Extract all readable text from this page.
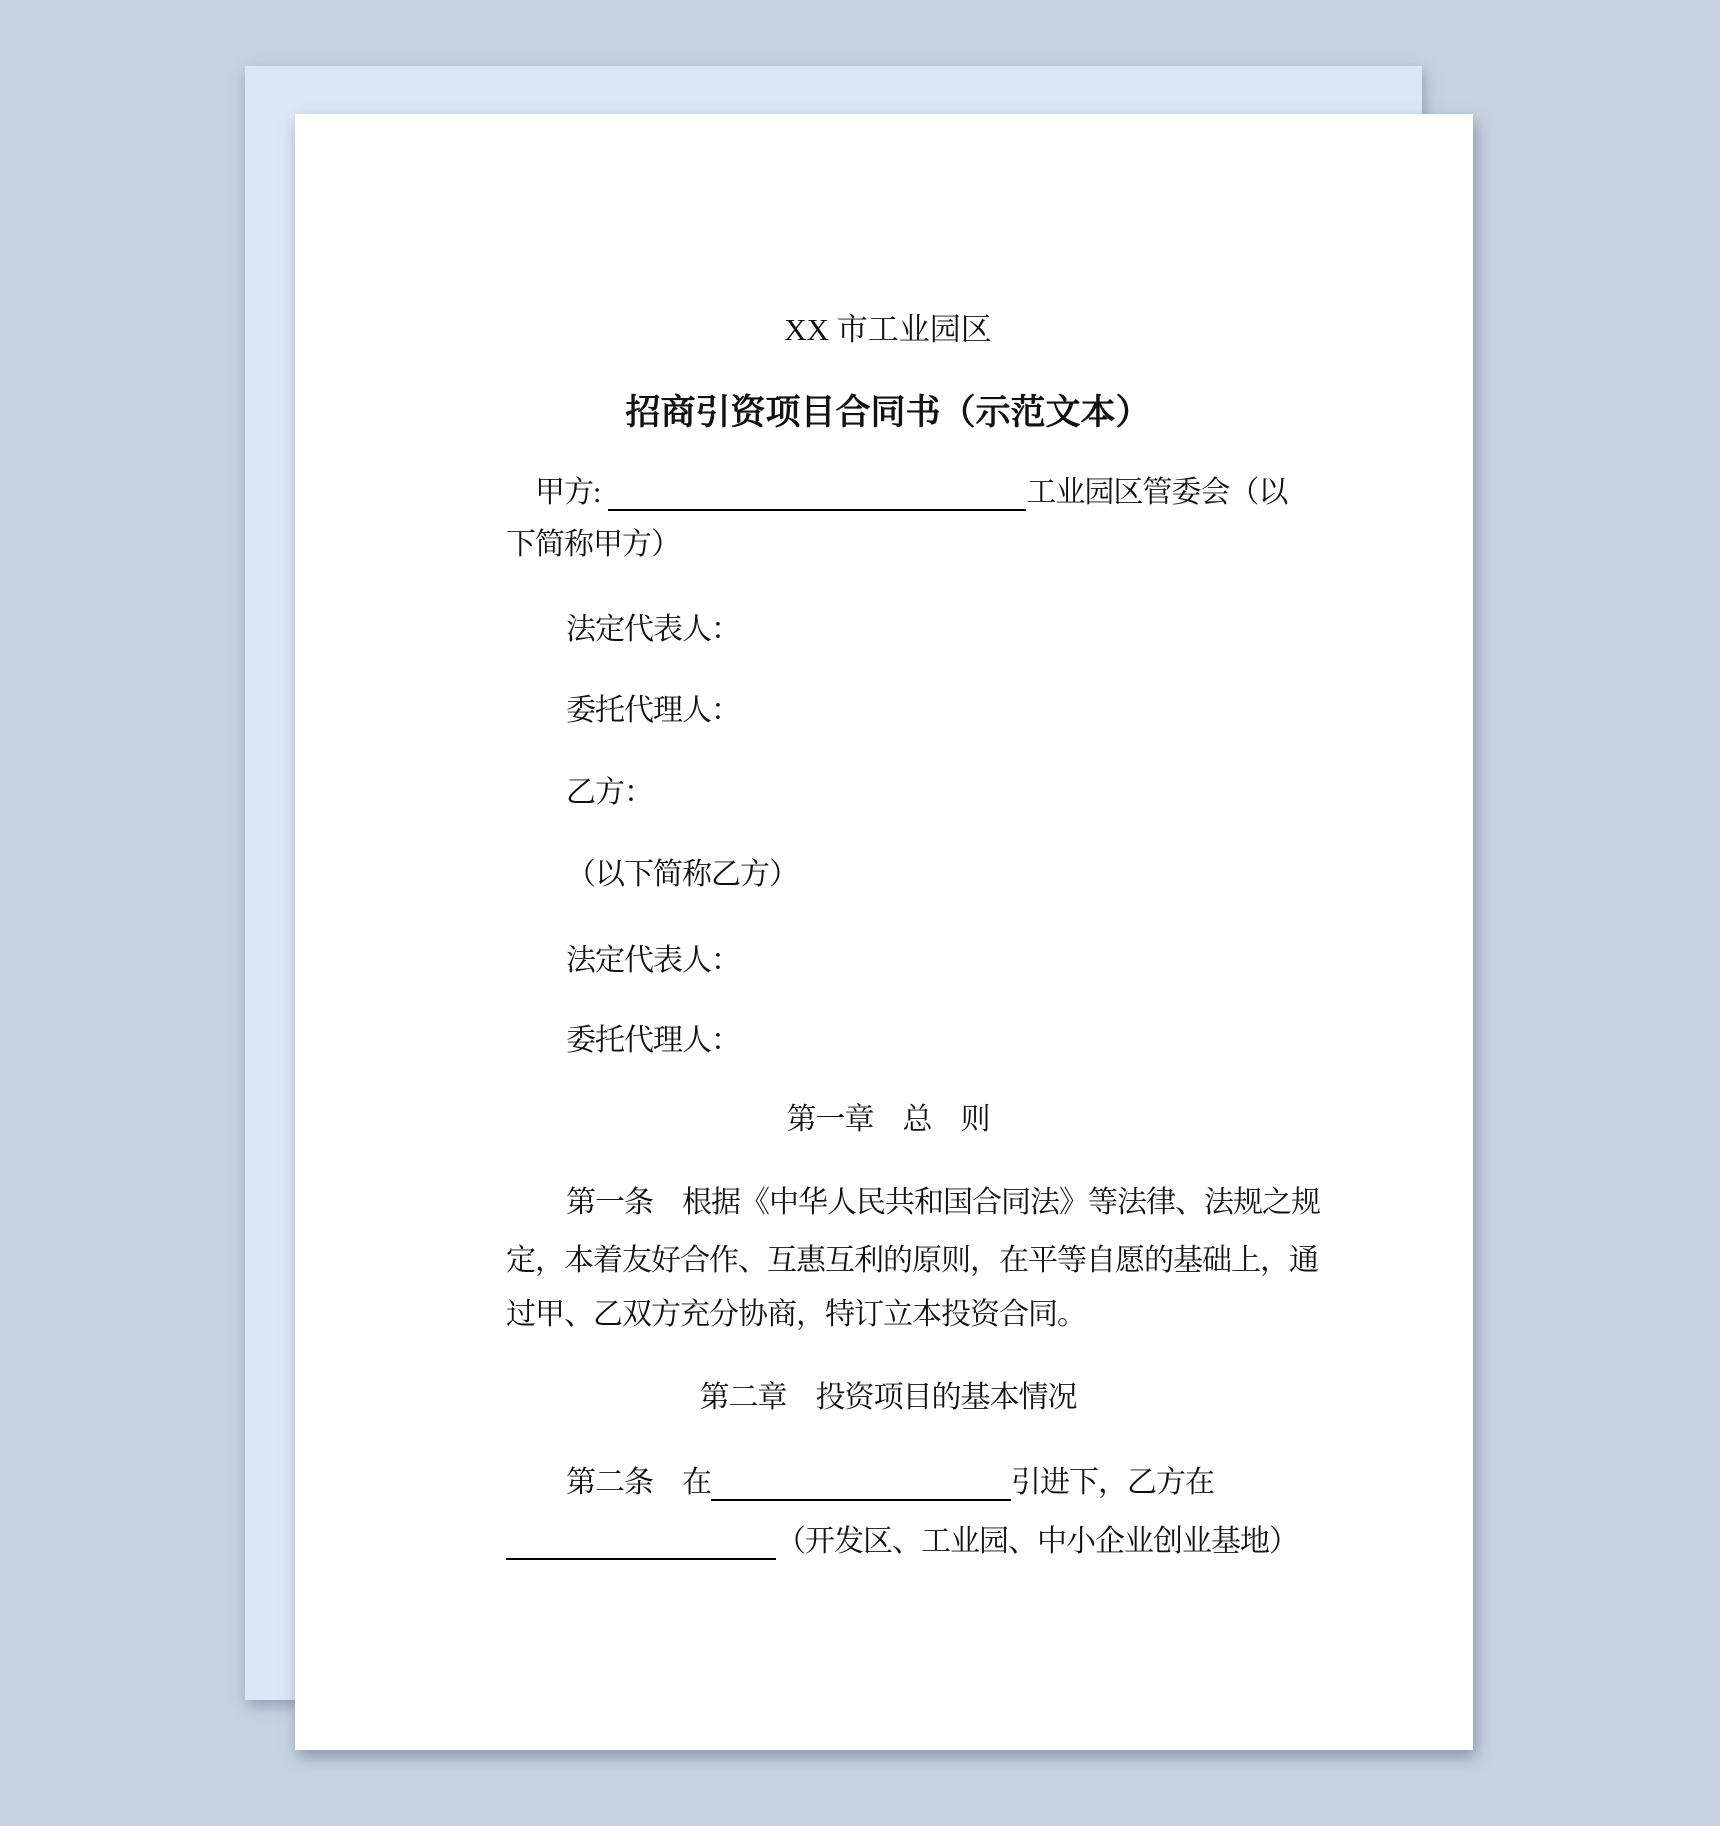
XX 市工业园区
招商引资项目合同书（示范文本）
甲方:	工业园区管委会（以
下简称甲方）
法定代表人：
委托代理人：
乙方：
（以下简称乙方）
法定代表人：
委托代理人：
第一章　总　则
第一条　根据《中华人民共和国合同法》等法律、法规之规
定，本着友好合作、互惠互利的原则，在平等自愿的基础上，通
过甲、乙双方充分协商，特订立本投资合同。
第二章　投资项目的基本情况
第二条　在	引进下，乙方在
（开发区、工业园、中小企业创业基地）
